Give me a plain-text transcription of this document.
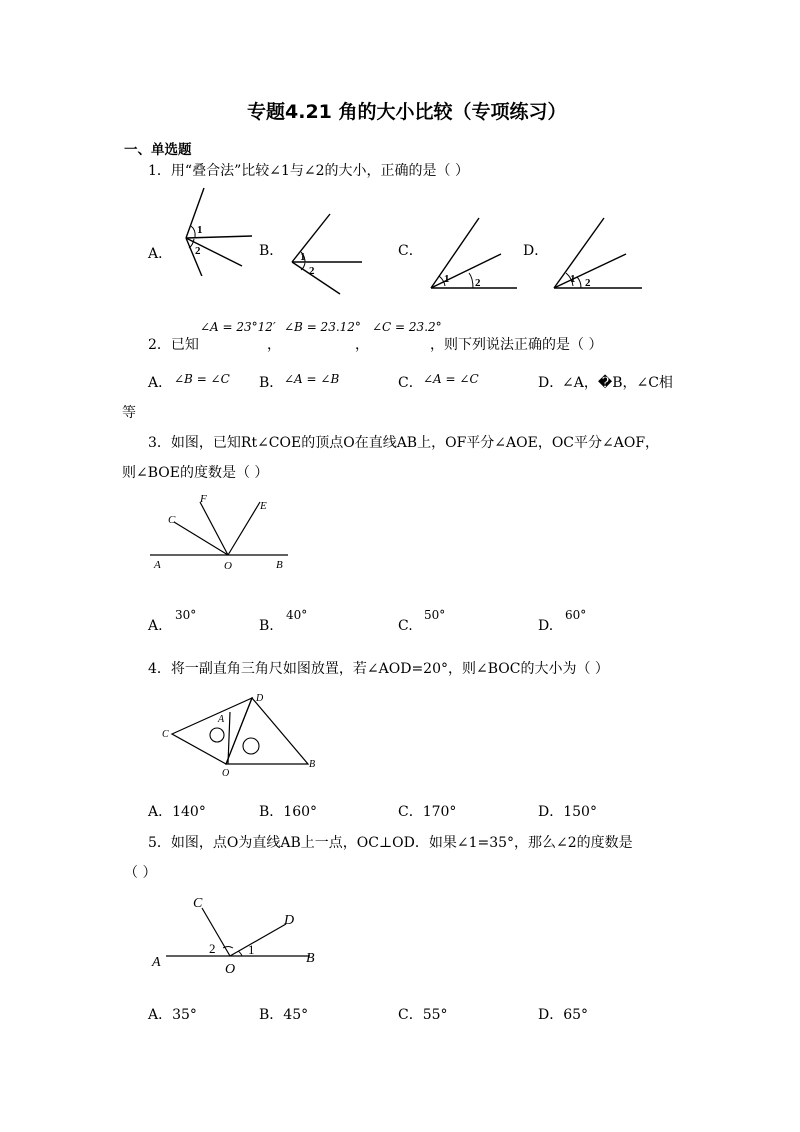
专题4.21 角的大小比较（专项练习）
一、单选题
1．用“叠合法”比较∠1与∠2的大小，正确的是（ ）
A．	B．	C．	D．
1
2	1
2
1 2	1 2
2．已知
∠A = 23°12′
，
∠B = 23.12°
，
∠C = 23.2°
，则下列说法正确的是（ ）
A． ∠B = ∠C B． ∠A = ∠B	C． ∠A = ∠C	D．
∠A，�B，∠C相
等
3．如图，已知Rt∠COE的顶点O在直线AB上，OF平分∠AOE，OC平分∠AOF，
则∠BOE的度数是（ ）
A	O	B
C
F
E
A.
30°
B.
40°
C.
50°
D.
60°
4．将一副直角三角尺如图放置，若∠AOD=20°，则∠BOC的大小为（ ）
C
A
D
O
B
A．140°	B．160°	C．170°	D．150°
5．如图，点O为直线AB上一点，OC⊥OD．如果∠1=35°，那么∠2的度数是
（ ）
C
D
A	O
B
1
2
A．35°	B．45°	C．55°	D．65°
